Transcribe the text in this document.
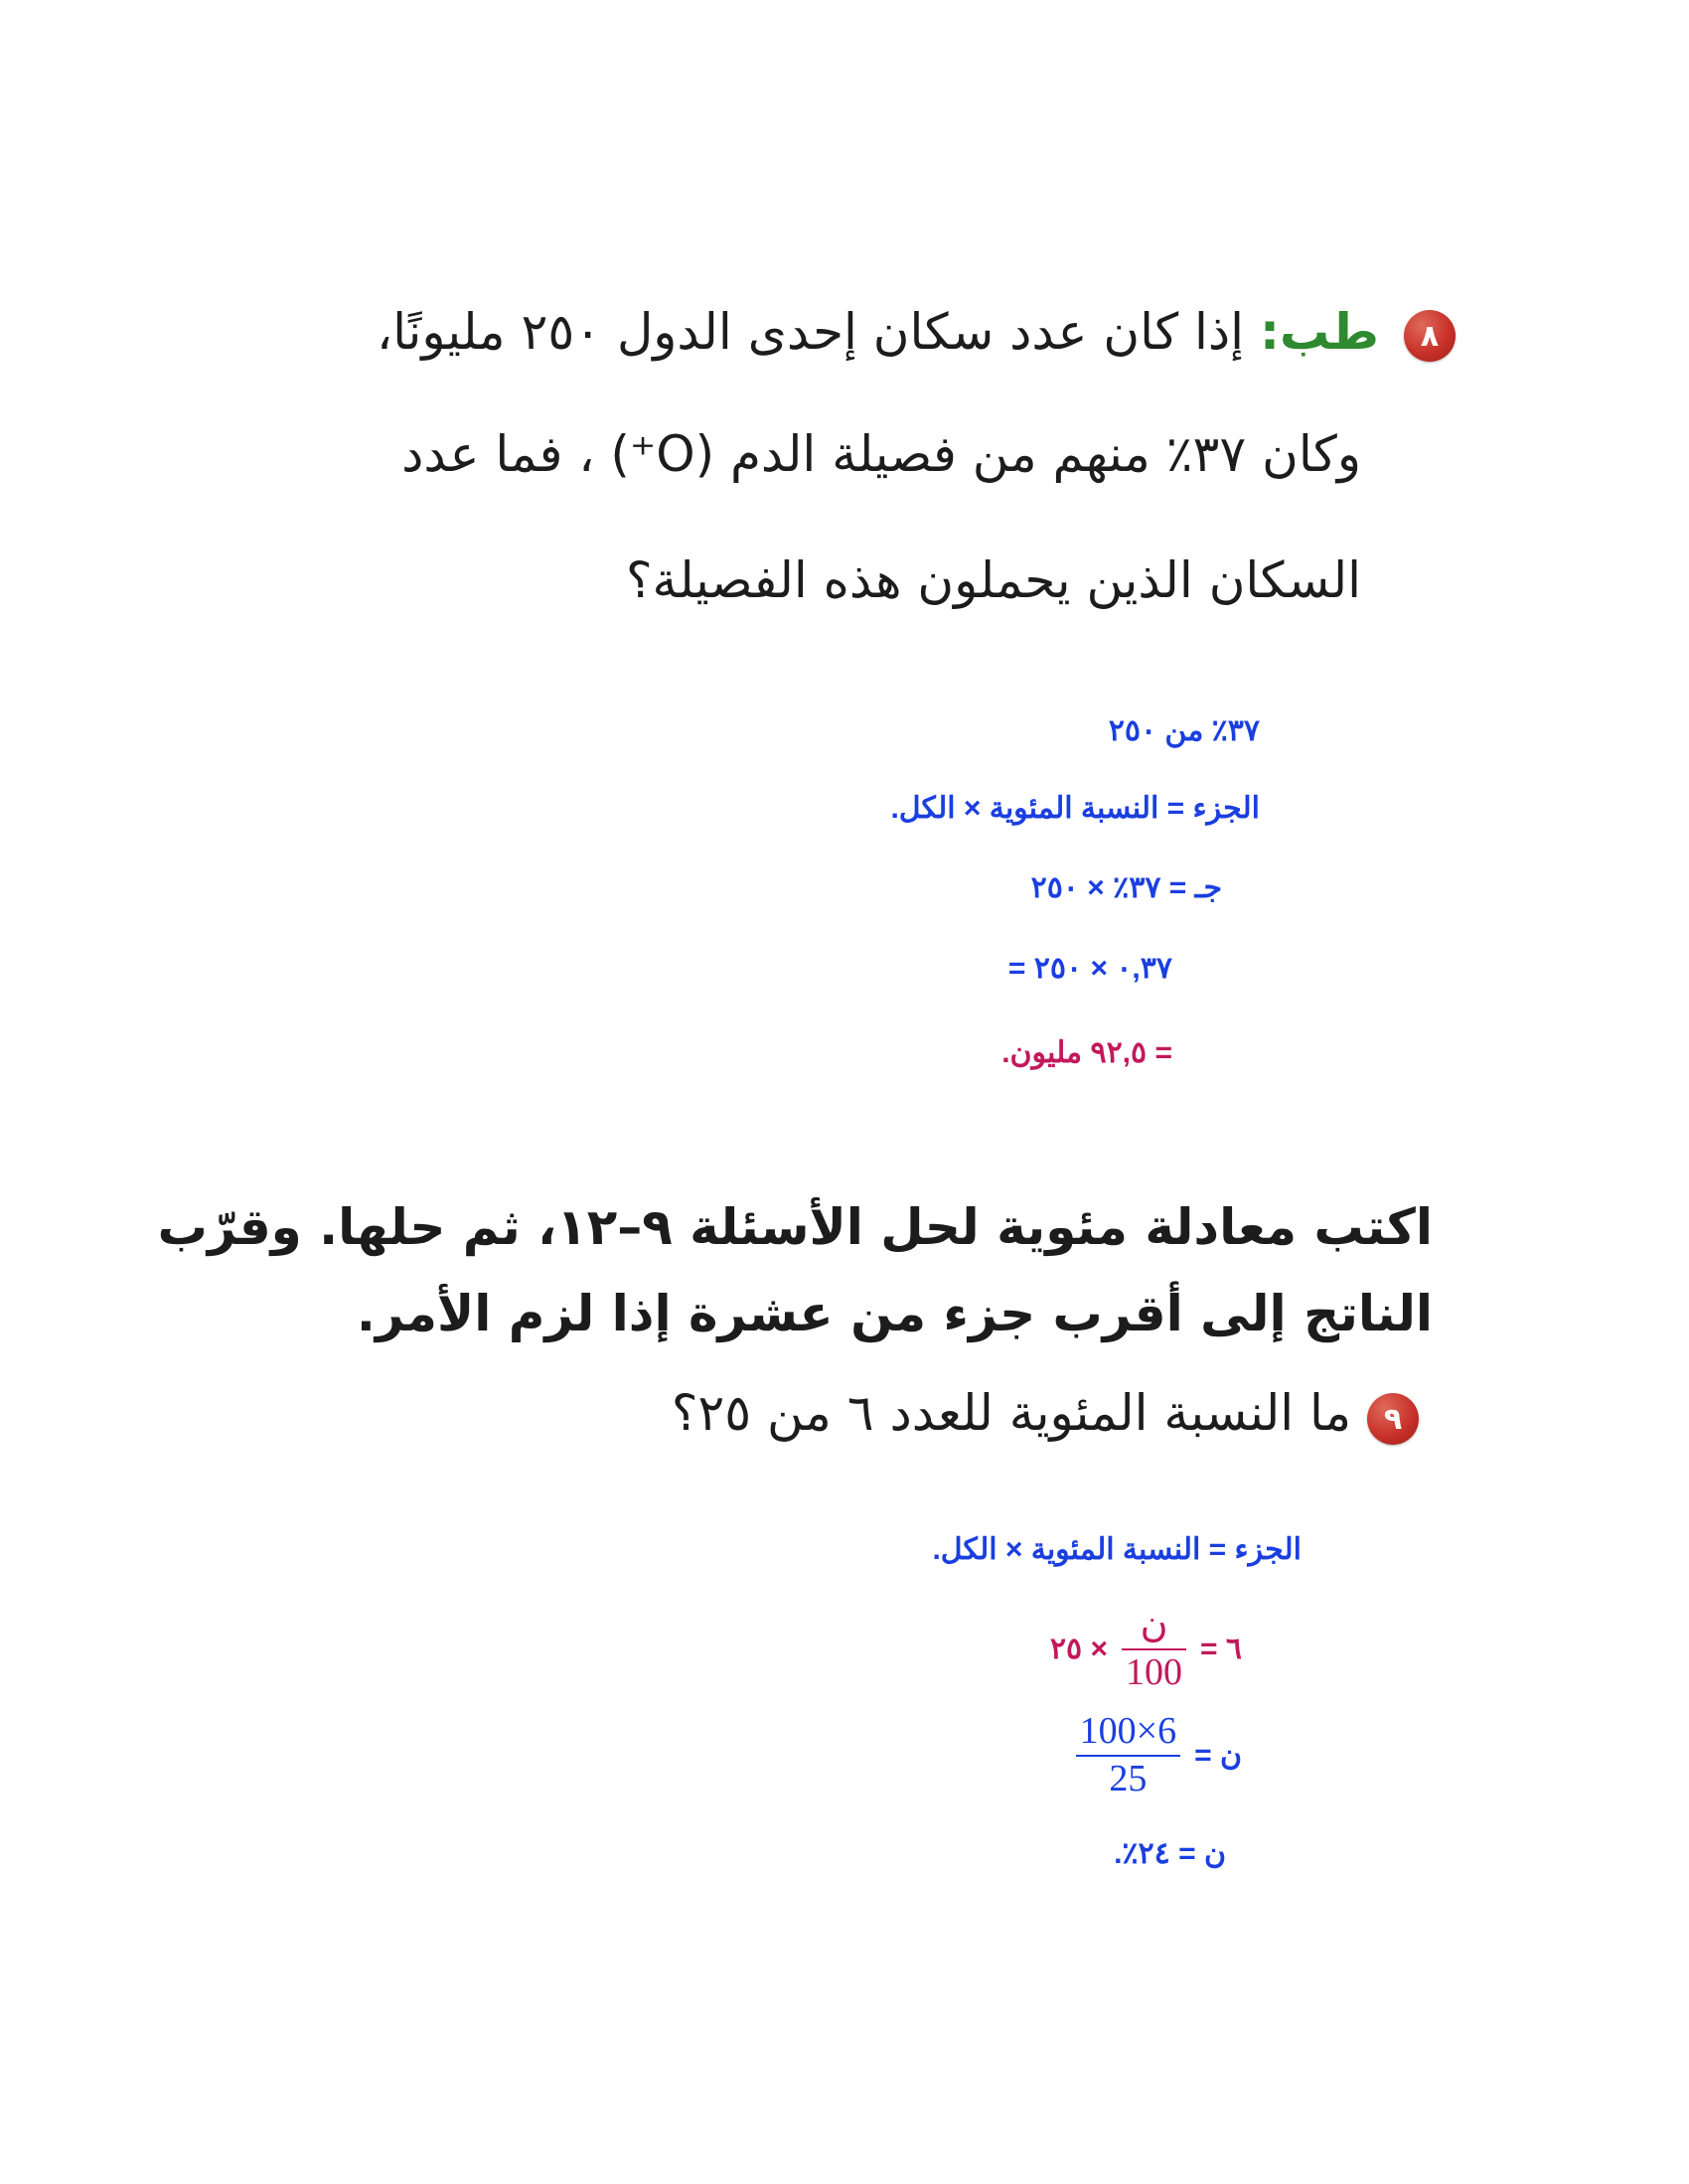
٨
طب: إذا كان عدد سكان إحدى الدول ٢٥٠ مليونًا،
وكان ٣٧٪ منهم من فصيلة الدم (O⁺) ، فما عدد
السكان الذين يحملون هذه الفصيلة؟
٣٧٪ من ٢٥٠
الجزء = النسبة المئوية × الكل.
جـ = ٣٧٪ × ٢٥٠
= ٠,٣٧ × ٢٥٠
= ٩٢,٥ مليون.
اكتب معادلة مئوية لحل الأسئلة ٩–١٢، ثم حلها. وقرّب
الناتج إلى أقرب جزء من عشرة إذا لزم الأمر.
٩
ما النسبة المئوية للعدد ٦ من ٢٥؟
الجزء = النسبة المئوية × الكل.
٦ =
$\frac{\text{ن}}{100}$
× ٢٥
ن =
$\frac{6\times 100}{25}$
ن = ٢٤٪.
